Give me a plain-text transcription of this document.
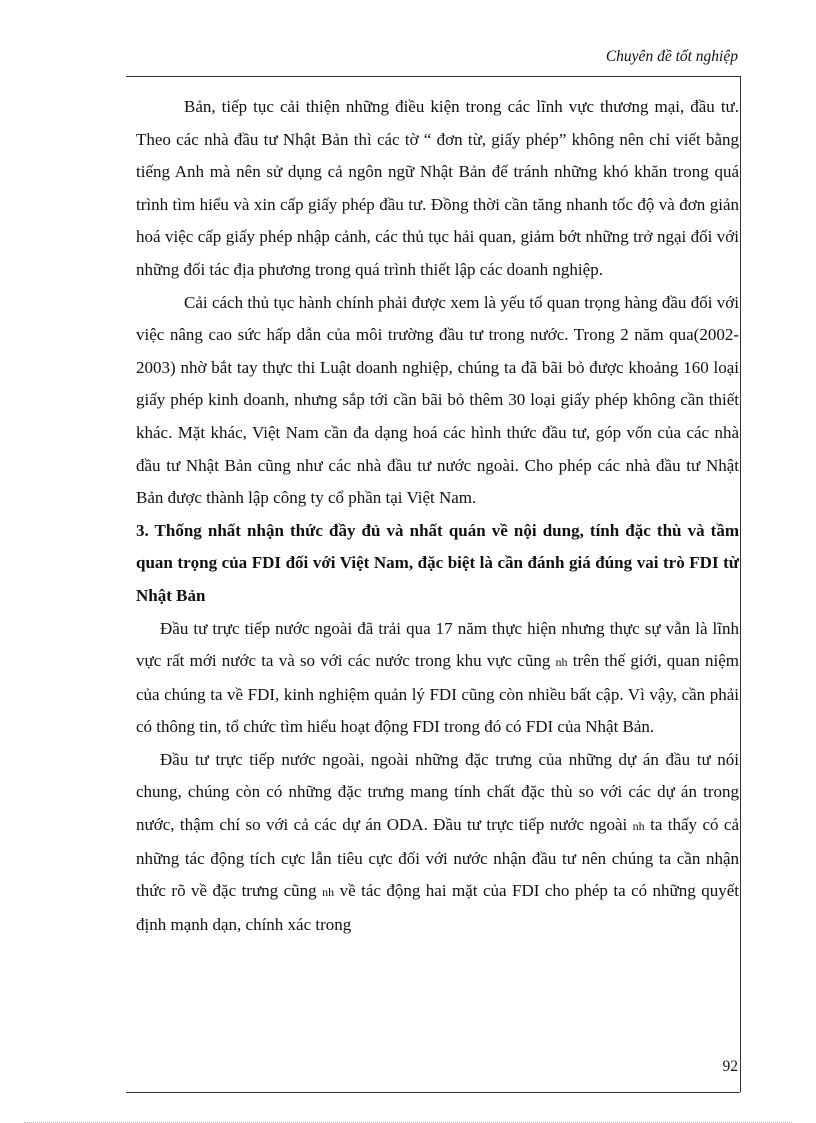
Chuyên đề tốt nghiệp

Bản, tiếp tục cải thiện những điều kiện trong các lĩnh vực thương mại, đầu tư. Theo các nhà đầu tư Nhật Bản thì các tờ “ đơn từ, giấy phép” không nên chỉ viết bằng tiếng Anh mà nên sử dụng cả ngôn ngữ Nhật Bản để tránh những khó khăn trong quá trình tìm hiểu và xin cấp giấy phép đầu tư. Đồng thời cần tăng nhanh tốc độ và đơn giản hoá việc cấp giấy phép nhập cảnh, các thủ tục hải quan, giảm bớt những trở ngại đối với những đối tác địa phương trong quá trình thiết lập các doanh nghiệp.

Cải cách thủ tục hành chính phải được xem là yếu tố quan trọng hàng đầu đối với việc nâng cao sức hấp dẫn của môi trường đầu tư trong nước. Trong 2 năm qua(2002-2003) nhờ bắt tay thực thi Luật doanh nghiệp, chúng ta đã bãi bỏ được khoảng 160 loại giấy phép kinh doanh, nhưng sắp tới cần bãi bỏ thêm 30 loại giấy phép không cần thiết khác. Mặt khác, Việt Nam cần đa dạng hoá các hình thức đầu tư, góp vốn của các nhà đầu tư Nhật Bản cũng như các nhà đầu tư nước ngoài. Cho phép các nhà đầu tư Nhật Bản được thành lập công ty cổ phần tại Việt Nam.

3. Thống nhất nhận thức đầy đủ và nhất quán về nội dung, tính đặc thù và tầm quan trọng của FDI đối với Việt Nam, đặc biệt là cần đánh giá đúng vai trò FDI từ Nhật Bản

Đầu tư trực tiếp nước ngoài đã trải qua 17 năm thực hiện nhưng thực sự vẫn là lĩnh vực rất mới nước ta và so với các nước trong khu vực cũng nh trên thế giới, quan niệm của chúng ta về FDI, kinh nghiệm quản lý FDI cũng còn nhiều bất cập. Vì vậy, cần phải có thông tin, tổ chức tìm hiểu hoạt động FDI trong đó có FDI của Nhật Bản.

Đầu tư trực tiếp nước ngoài, ngoài những đặc trưng của những dự án đầu tư nói chung, chúng còn có những đặc trưng mang tính chất đặc thù so với các dự án trong nước, thậm chí so với cả các dự án ODA. Đầu tư trực tiếp nước ngoài nh ta thấy có cả những tác động tích cực lẫn tiêu cực đối với nước nhận đầu tư nên chúng ta cần nhận thức rõ về đặc trưng cũng nh về tác động hai mặt của FDI cho phép ta có những quyết định mạnh dạn, chính xác trong

92
